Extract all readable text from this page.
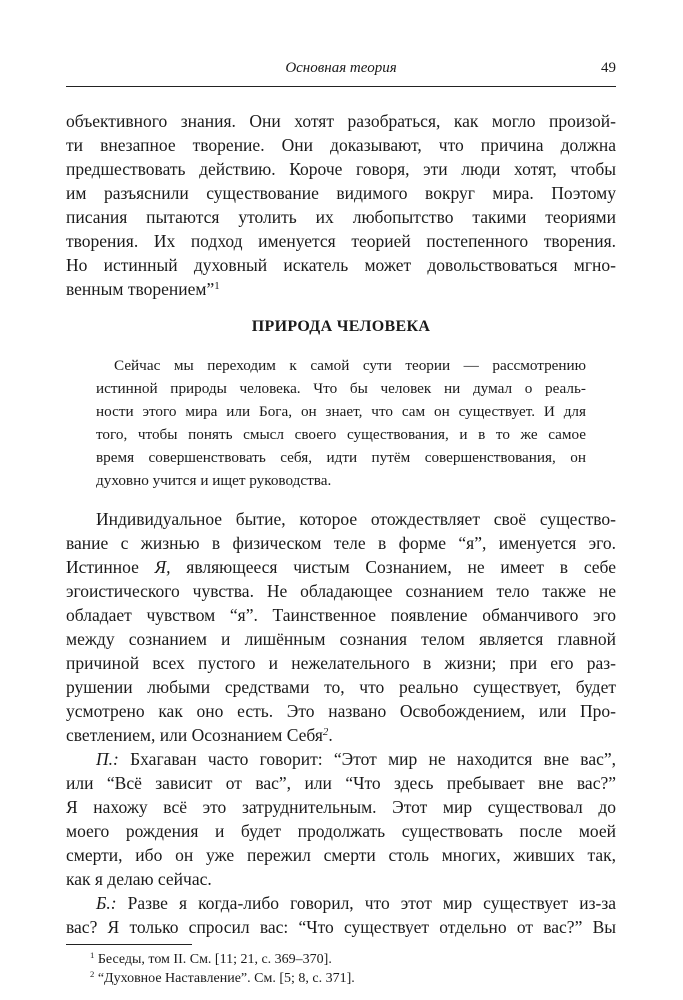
Основная теория	49
объективного знания. Они хотят разобраться, как могло произой-
ти внезапное творение. Они доказывают, что причина должна
предшествовать действию. Короче говоря, эти люди хотят, чтобы
им разъяснили существование видимого вокруг мира. Поэтому
писания пытаются утолить их любопытство такими теориями
творения. Их подход именуется теорией постепенного творения.
Но истинный духовный искатель может довольствоваться мгно-
венным творением”$^1$
ПРИРОДА ЧЕЛОВЕКА
Сейчас мы переходим к самой сути теории — рассмотрению
истинной природы человека. Что бы человек ни думал о реаль-
ности этого мира или Бога, он знает, что сам он существует. И для
того, чтобы понять смысл своего существования, и в то же самое
время совершенствовать себя, идти путём совершенствования, он
духовно учится и ищет руководства.
Индивидуальное бытие, которое отождествляет своё существо-
вание с жизнью в физическом теле в форме “я”, именуется эго.
Истинное Я, являющееся чистым Сознанием, не имеет в себе
эгоистического чувства. Не обладающее сознанием тело также не
обладает чувством “я”. Таинственное появление обманчивого эго
между сознанием и лишённым сознания телом является главной
причиной всех пустого и нежелательного в жизни; при его раз-
рушении любыми средствами то, что реально существует, будет
усмотрено как оно есть. Это названо Освобождением, или Про-
светлением, или Осознанием Себя$^2$.
П.: Бхагаван часто говорит: “Этот мир не находится вне вас”,
или “Всё зависит от вас”, или “Что здесь пребывает вне вас?”
Я нахожу всё это затруднительным. Этот мир существовал до
моего рождения и будет продолжать существовать после моей
смерти, ибо он уже пережил смерти столь многих, живших так,
как я делаю сейчас.
Б.: Разве я когда-либо говорил, что этот мир существует из-за
вас? Я только спросил вас: “Что существует отдельно от вас?” Вы
$^1$ Беседы, том II. См. [11; 21, с. 369–370].
$^2$ “Духовное Наставление”. См. [5; 8, с. 371].
